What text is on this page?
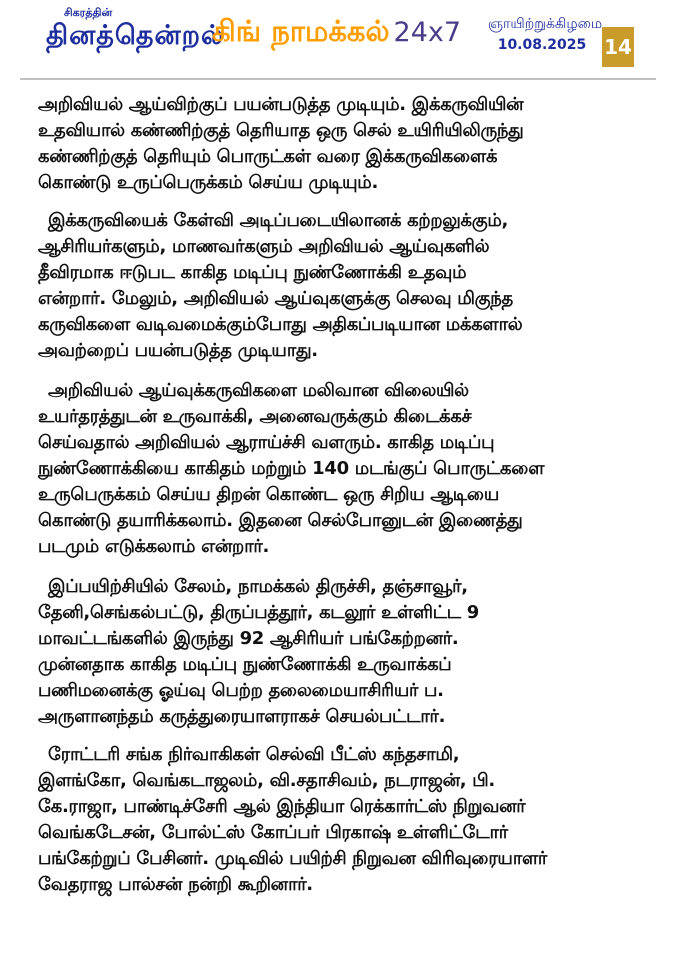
சிகரத்தின்
தினத்தென்றல்
கிங் நாமக்கல் 24x7 ஞாயிற்றுக்கிழமை
10.08.2025 14
அறிவியல் ஆய்விற்குப் பயன்படுத்த முடியும். இக்கருவியின்
உதவியால் கண்ணிற்குத் தெரியாத ஒரு செல் உயிரியிலிருந்து
கண்ணிற்குத் தெரியும் பொருட்கள் வரை இக்கருவிகளைக்
கொண்டு உருப்பெருக்கம் செய்ய முடியும்.
இக்கருவியைக் கேள்வி அடிப்படையிலானக் கற்றலுக்கும்,
ஆசிரியர்களும், மாணவர்களும் அறிவியல் ஆய்வுகளில்
தீவிரமாக ஈடுபட காகித மடிப்பு நுண்ணோக்கி உதவும்
என்றார். மேலும், அறிவியல் ஆய்வுகளுக்கு செலவு மிகுந்த
கருவிகளை வடிவமைக்கும்போது அதிகப்படியான மக்களால்
அவற்றைப் பயன்படுத்த முடியாது.
அறிவியல் ஆய்வுக்கருவிகளை மலிவான விலையில்
உயர்தரத்துடன் உருவாக்கி, அனைவருக்கும் கிடைக்கச்
செய்வதால் அறிவியல் ஆராய்ச்சி வளரும். காகித மடிப்பு
நுண்ணோக்கியை காகிதம் மற்றும் 140 மடங்குப் பொருட்களை
உருபெருக்கம் செய்ய திறன் கொண்ட ஒரு சிறிய ஆடியை
கொண்டு தயாரிக்கலாம். இதனை செல்போனுடன் இணைத்து
படமும் எடுக்கலாம் என்றார்.
இப்பயிற்சியில் சேலம், நாமக்கல் திருச்சி, தஞ்சாவூர்,
தேனி,செங்கல்பட்டு, திருப்பத்தூர், கடலூர் உள்ளிட்ட 9
மாவட்டங்களில் இருந்து 92 ஆசிரியர் பங்கேற்றனர்.
முன்னதாக காகித மடிப்பு நுண்ணோக்கி உருவாக்கப்
பணிமனைக்கு ஓய்வு பெற்ற தலைமையாசிரியர் ப.
அருளானந்தம் கருத்துரையாளராகச் செயல்பட்டார்.
ரோட்டரி சங்க நிர்வாகிகள் செல்வி பீட்ஸ் கந்தசாமி,
இளங்கோ, வெங்கடாஜலம், வி.சதாசிவம், நடராஜன், பி.
கே.ராஜா, பாண்டிச்சேரி ஆல் இந்தியா ரெக்கார்ட்ஸ் நிறுவனர்
வெங்கடேசன், போல்ட்ஸ் கோப்பர் பிரகாஷ் உள்ளிட்டோர்
பங்கேற்றுப் பேசினர். முடிவில் பயிற்சி நிறுவன விரிவுரையாளர்
வேதராஜ பால்சன் நன்றி கூறினார்.
